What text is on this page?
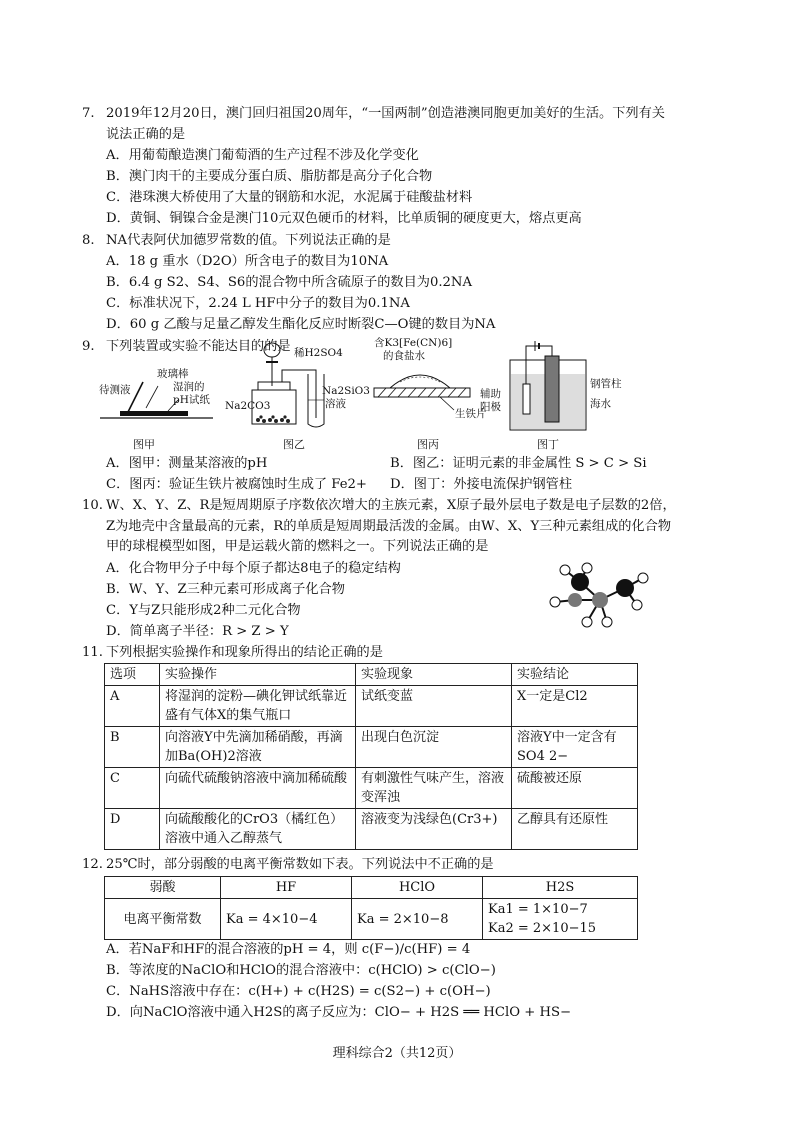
7. 2019年12月20日，澳门回归祖国20周年，“一国两制”创造港澳同胞更加美好的生活。下列有关
说法正确的是
A．用葡萄酿造澳门葡萄酒的生产过程不涉及化学变化
B．澳门肉干的主要成分蛋白质、脂肪都是高分子化合物
C．港珠澳大桥使用了大量的钢筋和水泥，水泥属于硅酸盐材料
D．黄铜、铜镍合金是澳门10元双色硬币的材料，比单质铜的硬度更大，熔点更高
8. NA代表阿伏加德罗常数的值。下列说法正确的是
A．18 g 重水（D2O）所含电子的数目为10NA
B．6.4 g S2、S4、S6的混合物中所含硫原子的数目为0.2NA
C．标准状况下，2.24 L HF中分子的数目为0.1NA
D．60 g 乙酸与足量乙醇发生酯化反应时断裂C—O键的数目为NA
9. 下列装置或实验不能达目的的是
玻璃棒
待测液	湿润的
pH试纸
稀H2SO4
Na2CO3
Na2SiO3
溶液
含K3[Fe(CN)6]
的食盐水
生铁片
辅助
阳极
钢管柱
海水
图甲	图乙	图丙	图丁
A．图甲：测量某溶液的pH	B．图乙：证明元素的非金属性 S > C > Si
C．图丙：验证生铁片被腐蚀时生成了 Fe2+ D．图丁：外接电流保护钢管柱
10. W、X、Y、Z、R是短周期原子序数依次增大的主族元素，X原子最外层电子数是电子层数的2倍，
Z为地壳中含量最高的元素，R的单质是短周期最活泼的金属。由W、X、Y三种元素组成的化合物
甲的球棍模型如图，甲是运载火箭的燃料之一。下列说法正确的是
A．化合物甲分子中每个原子都达8电子的稳定结构
B．W、Y、Z三种元素可形成离子化合物
C．Y与Z只能形成2种二元化合物
D．简单离子半径：R > Z > Y
11. 下列根据实验操作和现象所得出的结论正确的是
选项	实验操作	实验现象	实验结论
A	将湿润的淀粉—碘化钾试纸靠近盛有气体X的集气瓶口	试纸变蓝	X一定是Cl2
B	向溶液Y中先滴加稀硝酸，再滴加Ba(OH)2溶液	出现白色沉淀	溶液Y中一定含有SO4 2−
C	向硫代硫酸钠溶液中滴加稀硫酸	有刺激性气味产生，溶液变浑浊	硫酸被还原
D	向硫酸酸化的CrO3（橘红色）溶液中通入乙醇蒸气	溶液变为浅绿色(Cr3+)	乙醇具有还原性
12. 25℃时，部分弱酸的电离平衡常数如下表。下列说法中不正确的是
弱酸	HF	HClO	H2S
电离平衡常数	Ka = 4×10−4	Ka = 2×10−8	Ka1 = 1×10−7
Ka2 = 2×10−15
A．若NaF和HF的混合溶液的pH = 4，则 c(F−)/c(HF) = 4
B．等浓度的NaClO和HClO的混合溶液中：c(HClO) > c(ClO−)
C．NaHS溶液中存在：c(H+) + c(H2S) = c(S2−) + c(OH−)
D．向NaClO溶液中通入H2S的离子反应为：ClO− + H2S ══ HClO + HS−
理科综合2（共12页）
